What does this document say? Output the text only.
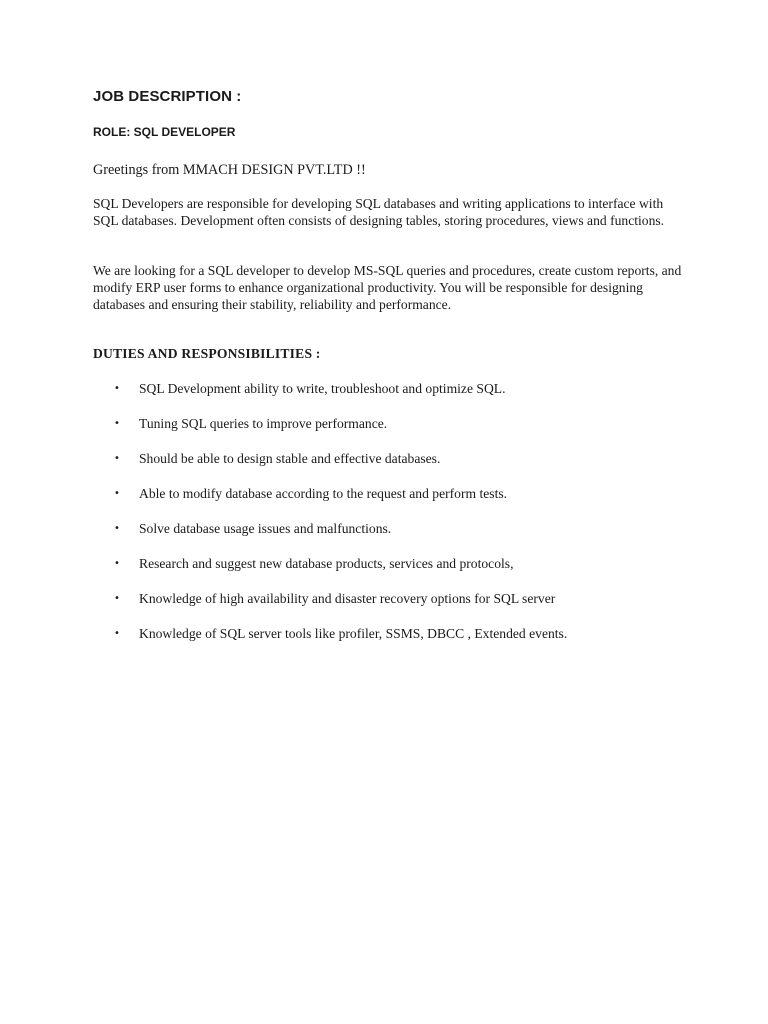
JOB DESCRIPTION :
ROLE: SQL DEVELOPER
Greetings from MMACH DESIGN PVT.LTD !!

SQL Developers are responsible for developing SQL databases and writing applications to interface with SQL databases. Development often consists of designing tables, storing procedures, views and functions.

We are looking for a SQL developer to develop MS-SQL queries and procedures, create custom reports, and modify ERP user forms to enhance organizational productivity. You will be responsible for designing databases and ensuring their stability, reliability and performance.

DUTIES AND RESPONSIBILITIES :
• SQL Development ability to write, troubleshoot and optimize SQL.
• Tuning SQL queries to improve performance.
• Should be able to design stable and effective databases.
• Able to modify database according to the request and perform tests.
• Solve database usage issues and malfunctions.
• Research and suggest new database products, services and protocols,
• Knowledge of high availability and disaster recovery options for SQL server
• Knowledge of SQL server tools like profiler, SSMS, DBCC , Extended events.
